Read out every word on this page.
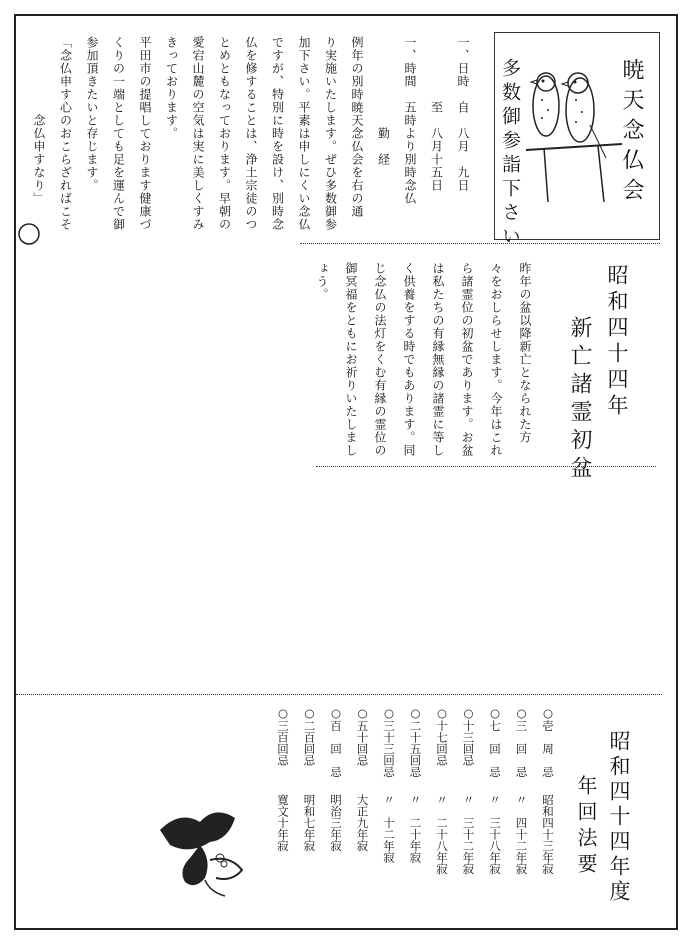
暁天念仏会
多数御参詣下さい
一、日時　自　八月　九日
　　　　　至　八月十五日
一、時間　五時より別時念仏
　　　　　　　勤　経
例年の別時暁天念仏会を右の通
り実施いたします。ぜひ多数御参
加下さい。平素は申しにくい念仏
ですが、特別に時を設け、別時念
仏を修することは、浄土宗徒のつ
とめともなっております。早朝の
愛宕山麓の空気は実に美しくすみ
きっております。
平田市の提唱しております健康づ
くりの一端としても足を運んで御
参加頂きたいと存じます。
「念仏申す心のおこらざればこそ
　　　　　　念仏申すなり」
昭和四十四年
新亡諸霊初盆
昨年の盆以降新亡となられた方
々をおしらせします。今年はこれ
ら諸霊位の初盆であります。お盆
は私たちの有縁無縁の諸霊に等し
く供養をする時でもあります。同
じ念仏の法灯をくむ有縁の霊位の
御冥福をともにお祈りいたしまし
ょう。
昭和四十四年度
年回法要
○壱　周　忌
昭和四十三年寂
○三　回　忌
〃　四十二年寂
○七　回　忌
〃　三十八年寂
○十三回忌
〃　三十二年寂
○十七回忌
〃　二十八年寂
○二十五回忌
〃　二十年寂
○三十三回忌
〃　十二年寂
○五十回忌
大正九年寂
○百　回　忌
明治三年寂
○二百回忌
明和七年寂
○三百回忌
寛文十年寂
